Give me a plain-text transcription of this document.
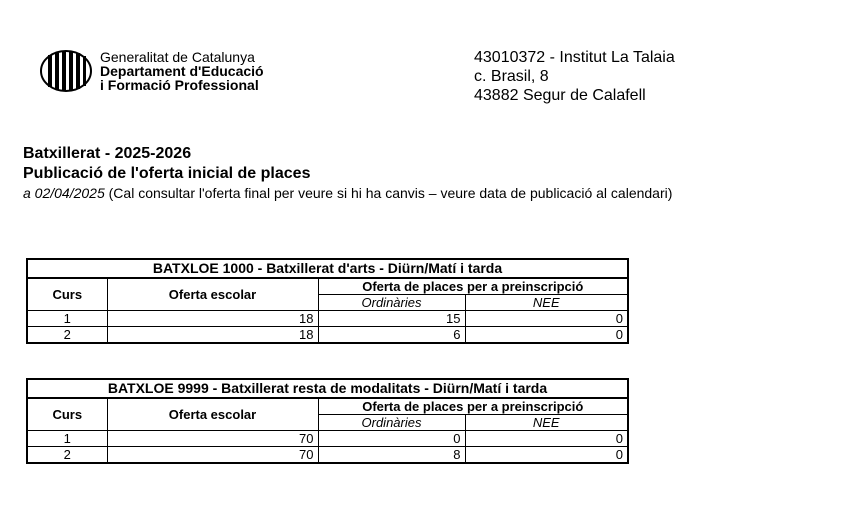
Generalitat de Catalunya
Departament d'Educació
i Formació Professional
43010372 - Institut La Talaia
c. Brasil, 8
43882 Segur de Calafell
Batxillerat - 2025-2026
Publicació de l'oferta inicial de places
a 02/04/2025 (Cal consultar l'oferta final per veure si hi ha canvis – veure data de publicació al calendari)
BATXLOE 1000 - Batxillerat d'arts - Diürn/Matí i tarda			
Curs	Oferta escolar	Oferta de places per a preinscripció	
		Ordinàries	NEE
1	18	15	0
2	18	6	0
BATXLOE 9999 - Batxillerat resta de modalitats - Diürn/Matí i tarda			
Curs	Oferta escolar	Oferta de places per a preinscripció	
		Ordinàries	NEE
1	70	0	0
2	70	8	0
